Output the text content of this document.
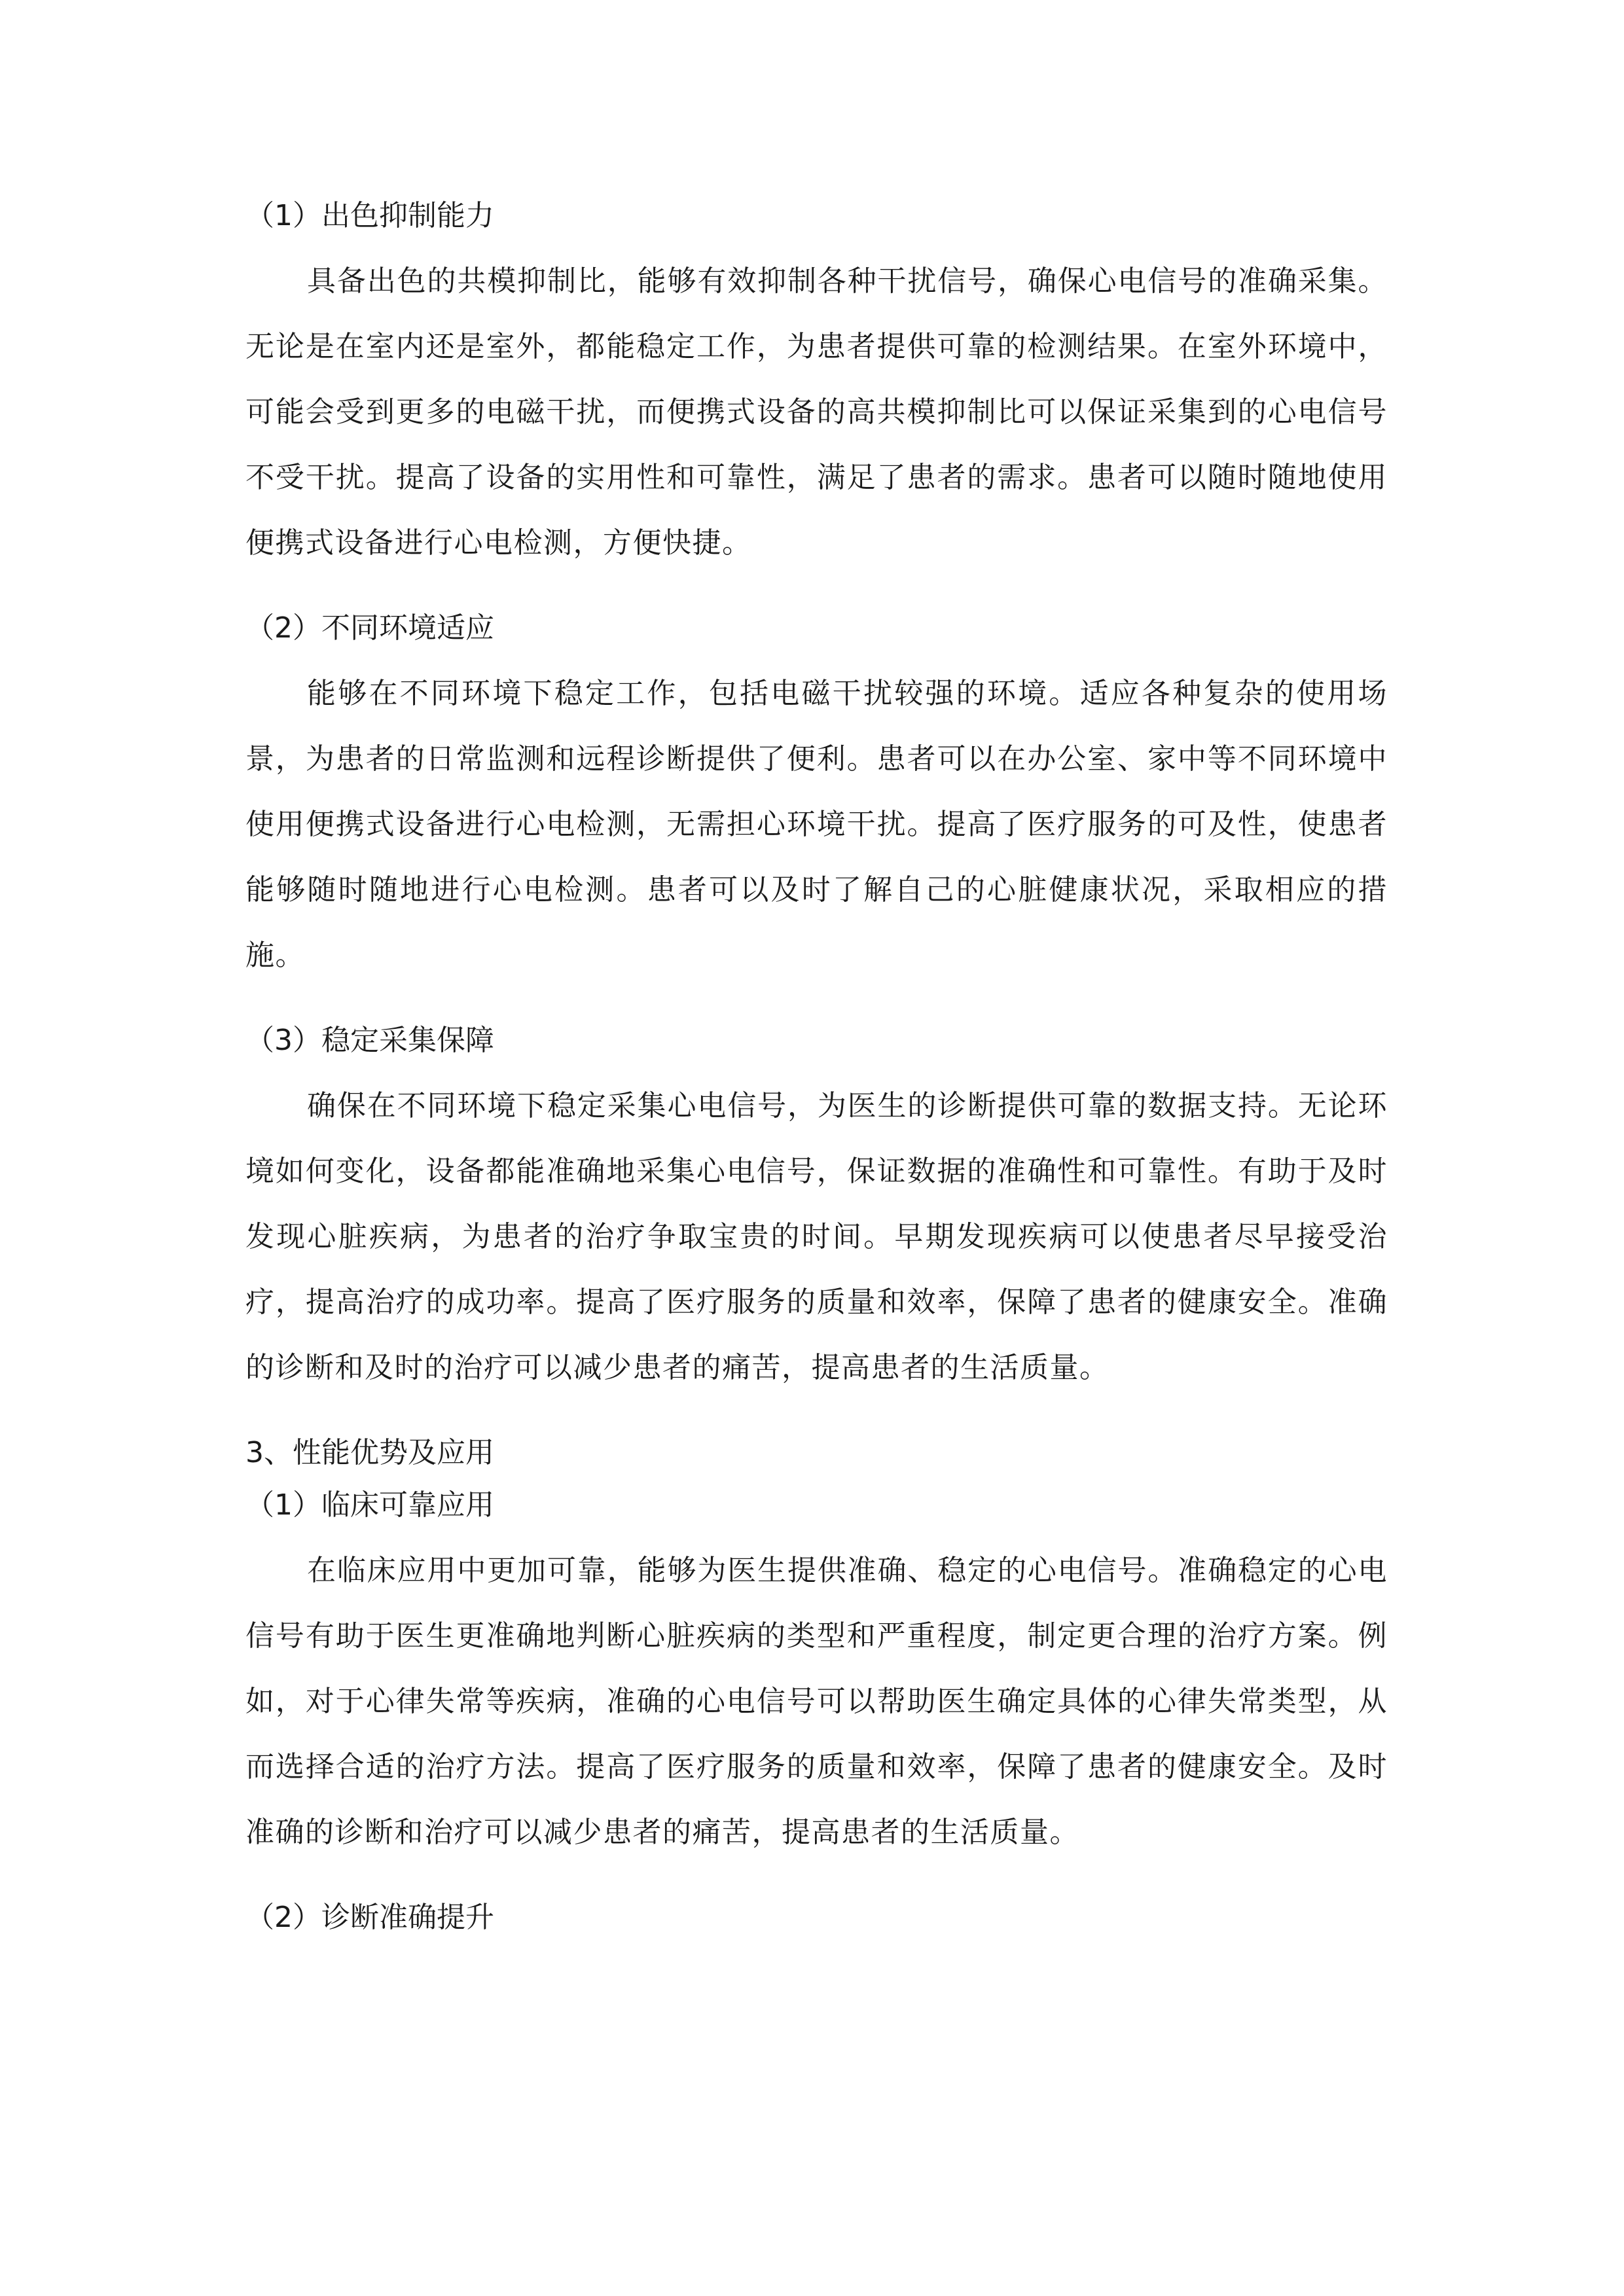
（1）出色抑制能力

具备出色的共模抑制比，能够有效抑制各种干扰信号，确保心电信号的准确采集。无论是在室内还是室外，都能稳定工作，为患者提供可靠的检测结果。在室外环境中，可能会受到更多的电磁干扰，而便携式设备的高共模抑制比可以保证采集到的心电信号不受干扰。提高了设备的实用性和可靠性，满足了患者的需求。患者可以随时随地使用便携式设备进行心电检测，方便快捷。

（2）不同环境适应

能够在不同环境下稳定工作，包括电磁干扰较强的环境。适应各种复杂的使用场景，为患者的日常监测和远程诊断提供了便利。患者可以在办公室、家中等不同环境中使用便携式设备进行心电检测，无需担心环境干扰。提高了医疗服务的可及性，使患者能够随时随地进行心电检测。患者可以及时了解自己的心脏健康状况，采取相应的措施。

（3）稳定采集保障

确保在不同环境下稳定采集心电信号，为医生的诊断提供可靠的数据支持。无论环境如何变化，设备都能准确地采集心电信号，保证数据的准确性和可靠性。有助于及时发现心脏疾病，为患者的治疗争取宝贵的时间。早期发现疾病可以使患者尽早接受治疗，提高治疗的成功率。提高了医疗服务的质量和效率，保障了患者的健康安全。准确的诊断和及时的治疗可以减少患者的痛苦，提高患者的生活质量。

3、性能优势及应用

（1）临床可靠应用

在临床应用中更加可靠，能够为医生提供准确、稳定的心电信号。准确稳定的心电信号有助于医生更准确地判断心脏疾病的类型和严重程度，制定更合理的治疗方案。例如，对于心律失常等疾病，准确的心电信号可以帮助医生确定具体的心律失常类型，从而选择合适的治疗方法。提高了医疗服务的质量和效率，保障了患者的健康安全。及时准确的诊断和治疗可以减少患者的痛苦，提高患者的生活质量。

（2）诊断准确提升
